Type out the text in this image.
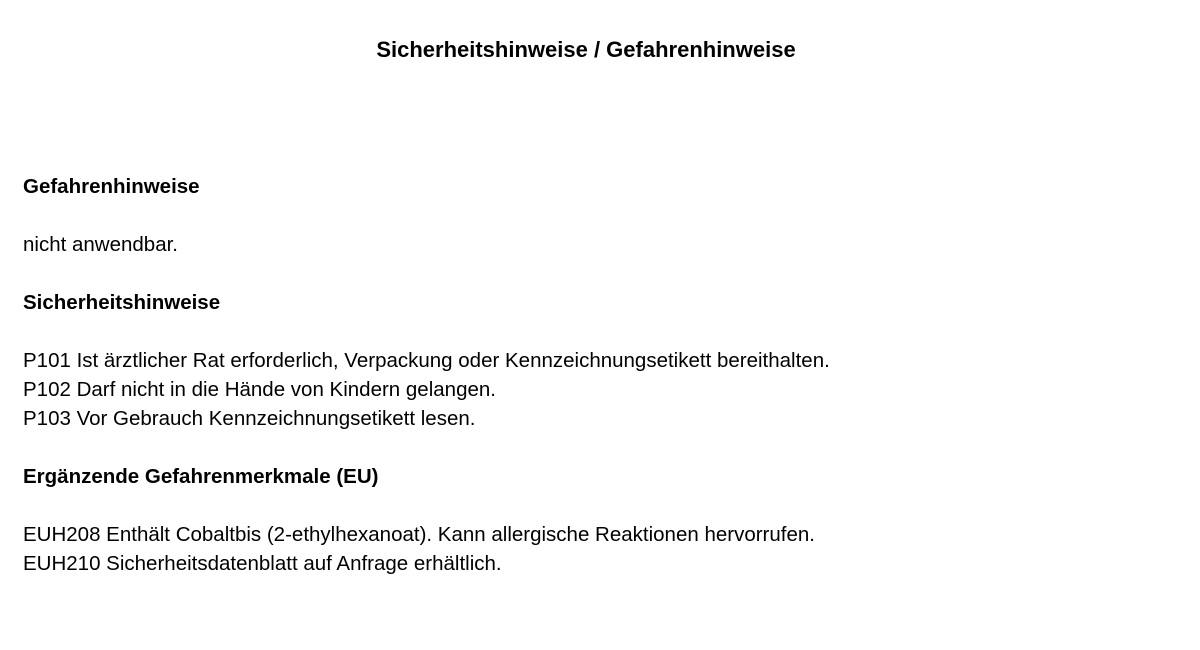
Sicherheitshinweise / Gefahrenhinweise

Gefahrenhinweise

nicht anwendbar.

Sicherheitshinweise

P101 Ist ärztlicher Rat erforderlich, Verpackung oder Kennzeichnungsetikett bereithalten.

P102 Darf nicht in die Hände von Kindern gelangen.

P103 Vor Gebrauch Kennzeichnungsetikett lesen.

Ergänzende Gefahrenmerkmale (EU)

EUH208 Enthält Cobaltbis (2-ethylhexanoat). Kann allergische Reaktionen hervorrufen.

EUH210 Sicherheitsdatenblatt auf Anfrage erhältlich.
